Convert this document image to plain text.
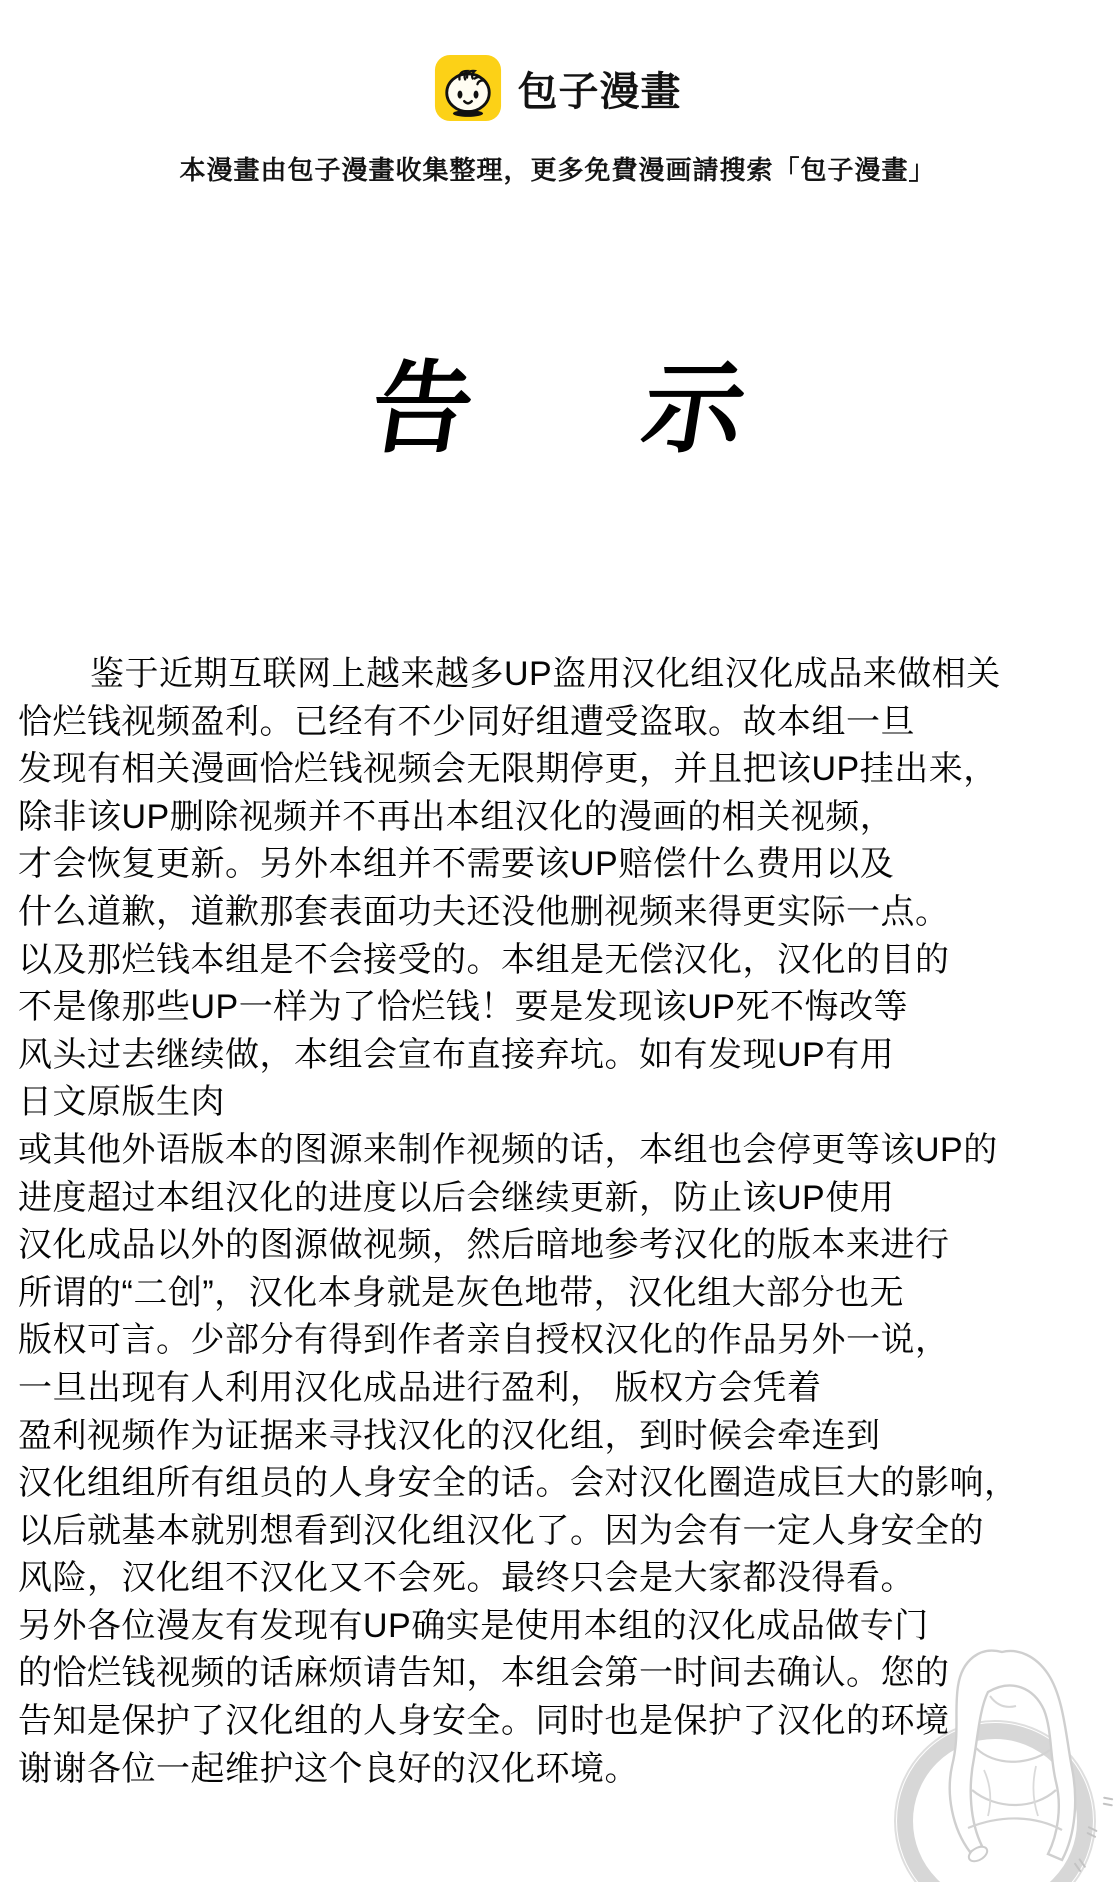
包子漫畫
本漫畫由包子漫畫收集整理，更多免費漫画請搜索「包子漫畫」
告 示
鉴于近期互联网上越来越多UP盗用汉化组汉化成品来做相关
恰烂钱视频盈利。已经有不少同好组遭受盗取。故本组一旦
发现有相关漫画恰烂钱视频会无限期停更，并且把该UP挂出来，
除非该UP删除视频并不再出本组汉化的漫画的相关视频，
才会恢复更新。另外本组并不需要该UP赔偿什么费用以及
什么道歉，道歉那套表面功夫还没他删视频来得更实际一点。
以及那烂钱本组是不会接受的。本组是无偿汉化，汉化的目的
不是像那些UP一样为了恰烂钱！要是发现该UP死不悔改等
风头过去继续做，本组会宣布直接弃坑。如有发现UP有用
日文原版生肉
或其他外语版本的图源来制作视频的话，本组也会停更等该UP的
进度超过本组汉化的进度以后会继续更新，防止该UP使用
汉化成品以外的图源做视频，然后暗地参考汉化的版本来进行
所谓的“二创”，汉化本身就是灰色地带，汉化组大部分也无
版权可言。少部分有得到作者亲自授权汉化的作品另外一说，
一旦出现有人利用汉化成品进行盈利， 版权方会凭着
盈利视频作为证据来寻找汉化的汉化组，到时候会牵连到
汉化组组所有组员的人身安全的话。会对汉化圈造成巨大的影响，
以后就基本就别想看到汉化组汉化了。因为会有一定人身安全的
风险，汉化组不汉化又不会死。最终只会是大家都没得看。
另外各位漫友有发现有UP确实是使用本组的汉化成品做专门
的恰烂钱视频的话麻烦请告知，本组会第一时间去确认。您的
告知是保护了汉化组的人身安全。同时也是保护了汉化的环境
谢谢各位一起维护这个良好的汉化环境。
